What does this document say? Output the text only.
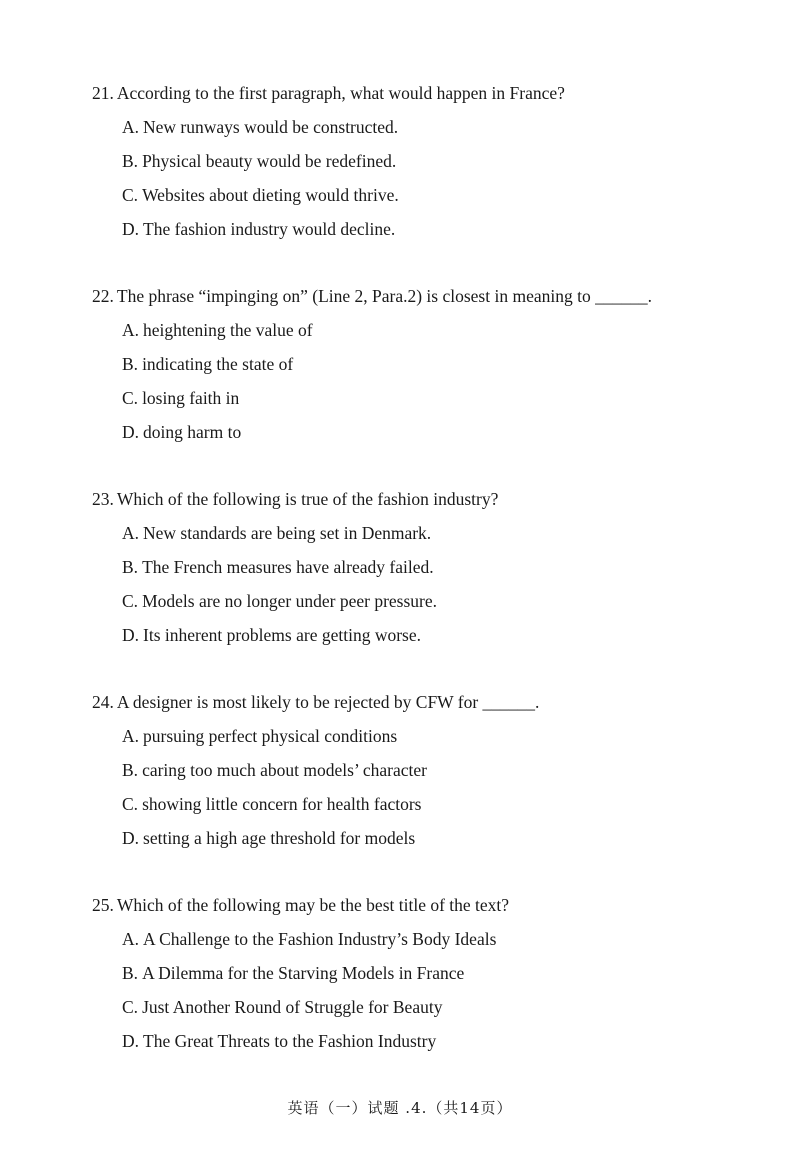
21. According to the first paragraph, what would happen in France?
A. New runways would be constructed.
B. Physical beauty would be redefined.
C. Websites about dieting would thrive.
D. The fashion industry would decline.
22. The phrase “impinging on” (Line 2, Para.2) is closest in meaning to ______.
A. heightening the value of
B. indicating the state of
C. losing faith in
D. doing harm to
23. Which of the following is true of the fashion industry?
A. New standards are being set in Denmark.
B. The French measures have already failed.
C. Models are no longer under peer pressure.
D. Its inherent problems are getting worse.
24. A designer is most likely to be rejected by CFW for ______.
A. pursuing perfect physical conditions
B. caring too much about models’ character
C. showing little concern for health factors
D. setting a high age threshold for models
25. Which of the following may be the best title of the text?
A. A Challenge to the Fashion Industry’s Body Ideals
B. A Dilemma for the Starving Models in France
C. Just Another Round of Struggle for Beauty
D. The Great Threats to the Fashion Industry
英语（一）试题 .4.（共14页）
